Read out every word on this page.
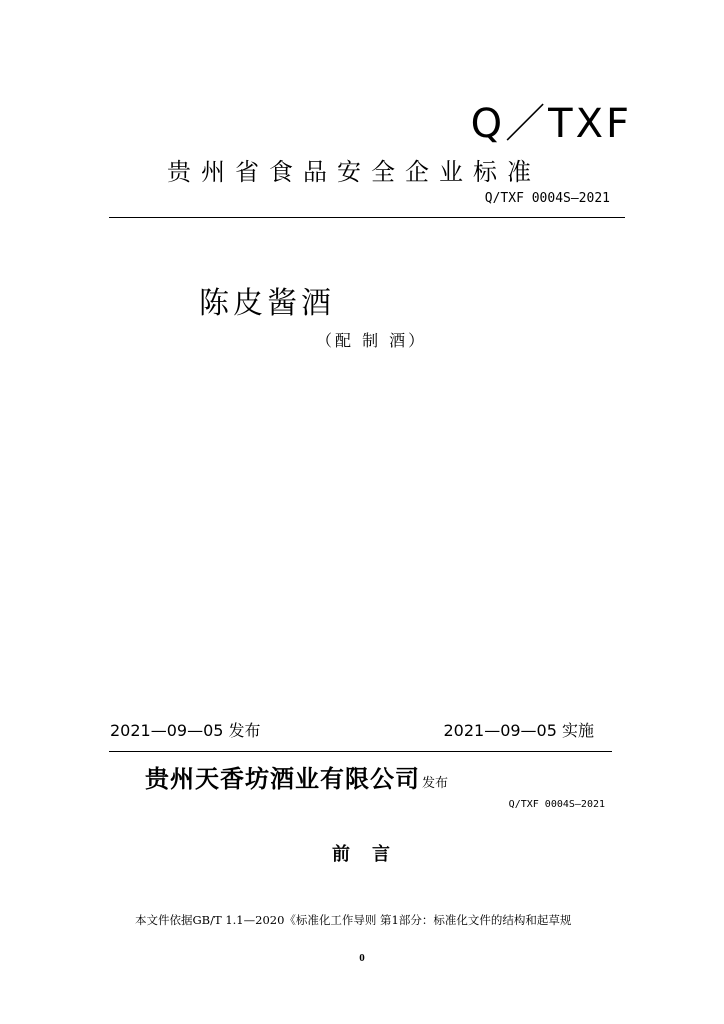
Q／TXF
贵州省食品安全企业标准
Q/TXF 0004S—2021
陈皮酱酒
（配 制 酒）
2021—09—05 发布	2021—09—05 实施
贵州天香坊酒业有限公司 发布
Q/TXF 0004S—2021
前言
本文件依据GB/T 1.1—2020《标准化工作导则 第1部分：标准化文件的结构和起草规
0
